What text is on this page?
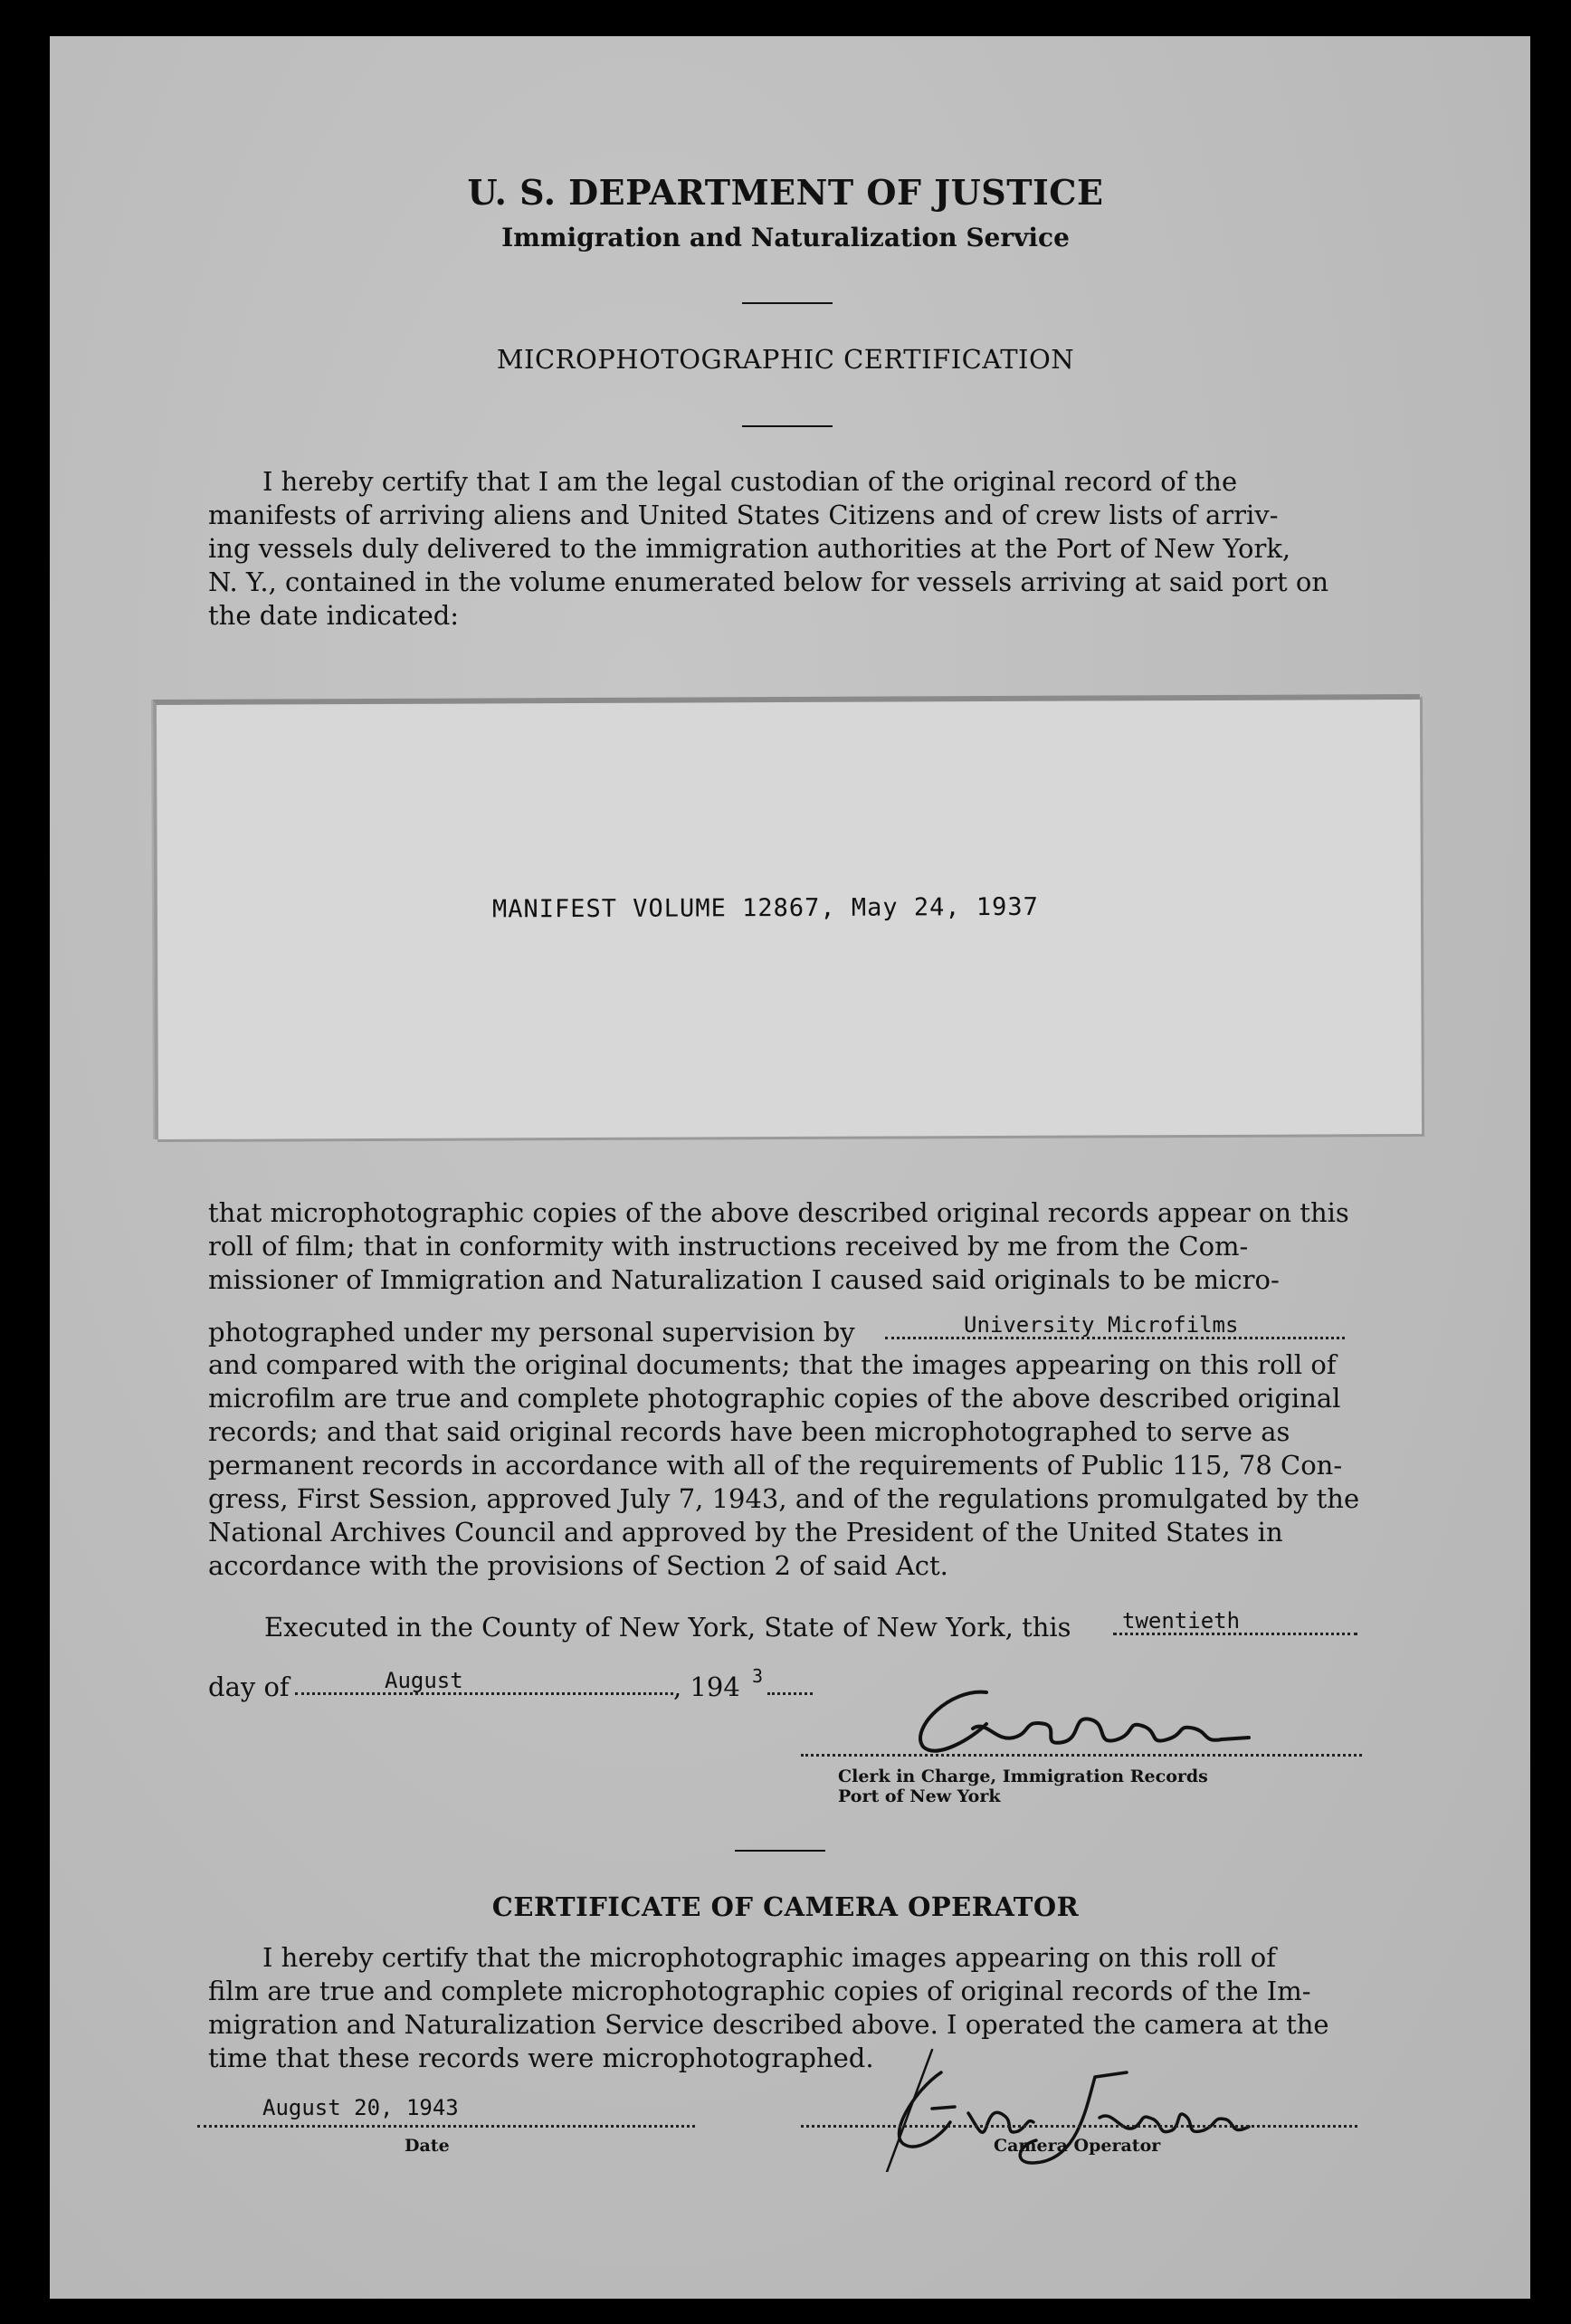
U. S. DEPARTMENT OF JUSTICE
Immigration and Naturalization Service
MICROPHOTOGRAPHIC CERTIFICATION
I hereby certify that I am the legal custodian of the original record of the
manifests of arriving aliens and United States Citizens and of crew lists of arriv-
ing vessels duly delivered to the immigration authorities at the Port of New York,
N. Y., contained in the volume enumerated below for vessels arriving at said port on
the date indicated:
MANIFEST VOLUME 12867, May 24, 1937
that microphotographic copies of the above described original records appear on this
roll of film; that in conformity with instructions received by me from the Com-
missioner of Immigration and Naturalization I caused said originals to be micro-
photographed under my personal supervision by	University Microfilms
and compared with the original documents; that the images appearing on this roll of
microfilm are true and complete photographic copies of the above described original
records; and that said original records have been microphotographed to serve as
permanent records in accordance with all of the requirements of Public 115, 78 Con-
gress, First Session, approved July 7, 1943, and of the regulations promulgated by the
National Archives Council and approved by the President of the United States in
accordance with the provisions of Section 2 of said Act.
Executed in the County of New York, State of New York, this twentieth
day of	August	, 194 3
Clerk in Charge, Immigration Records
Port of New York
CERTIFICATE OF CAMERA OPERATOR
I hereby certify that the microphotographic images appearing on this roll of
film are true and complete microphotographic copies of original records of the Im-
migration and Naturalization Service described above. I operated the camera at the
time that these records were microphotographed.
August 20, 1943
Date	Camera Operator
